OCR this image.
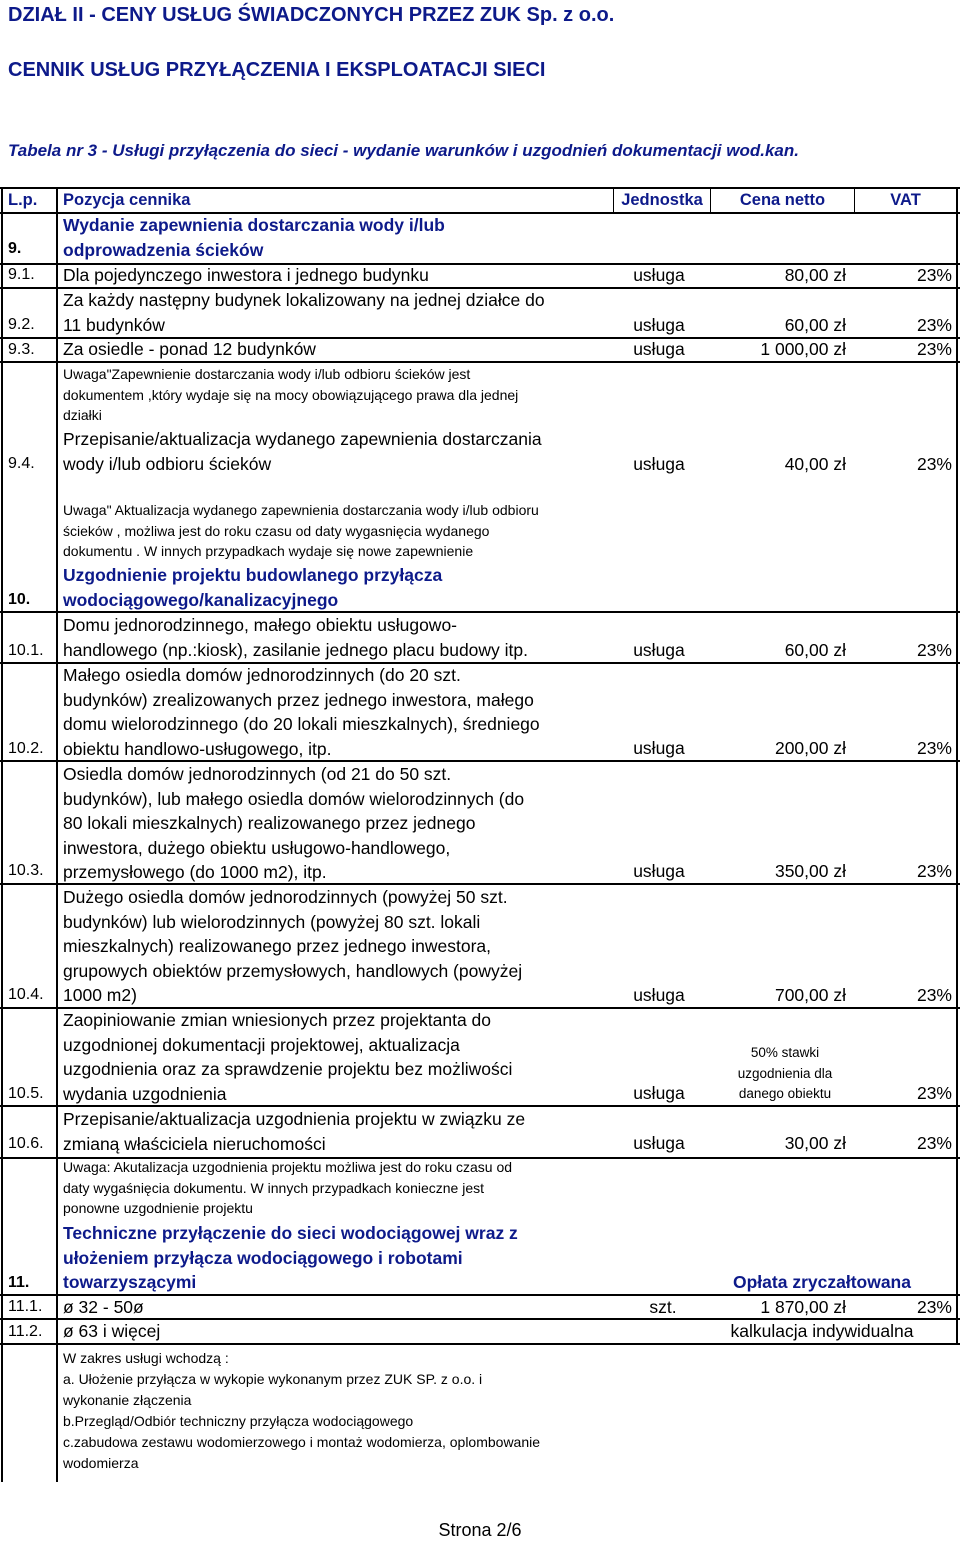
DZIAŁ II - CENY USŁUG ŚWIADCZONYCH PRZEZ ZUK Sp. z o.o.
CENNIK USŁUG PRZYŁĄCZENIA I EKSPLOATACJI SIECI
Tabela nr 3 - Usługi przyłączenia do sieci - wydanie warunków i uzgodnień dokumentacji wod.kan.
L.p. Pozycja cennika	Jednostka	Cena netto	VAT
9.
Wydanie zapewnienia dostarczania wody i/lub
odprowadzenia ścieków
9.1. Dla pojedynczego inwestora i jednego budynku	usługa	80,00 zł	23%
9.2.
Za każdy następny budynek lokalizowany na jednej działce do
11 budynków	usługa	60,00 zł	23%
9.3. Za osiedle - ponad 12 budynków	usługa	1 000,00 zł	23%
Uwaga"Zapewnienie dostarczania wody i/lub odbioru ścieków jest
dokumentem ,który wydaje się na mocy obowiązującego prawa dla jednej
działki
9.4.
Przepisanie/aktualizacja wydanego zapewnienia dostarczania
wody i/lub odbioru ścieków	usługa	40,00 zł	23%
Uwaga" Aktualizacja wydanego zapewnienia dostarczania wody i/lub odbioru
ścieków , możliwa jest do roku czasu od daty wygasnięcia wydanego
dokumentu . W innych przypadkach wydaje się nowe zapewnienie
10.
Uzgodnienie projektu budowlanego przyłącza
wodociągowego/kanalizacyjnego
10.1.
Domu jednorodzinnego, małego obiektu usługowo-
handlowego (np.:kiosk), zasilanie jednego placu budowy itp.	usługa	60,00 zł	23%
10.2.
Małego osiedla domów jednorodzinnych (do 20 szt.
budynków) zrealizowanych przez jednego inwestora, małego
domu wielorodzinnego (do 20 lokali mieszkalnych), średniego
obiektu handlowo-usługowego, itp.	usługa	200,00 zł	23%
10.3.
Osiedla domów jednorodzinnych (od 21 do 50 szt.
budynków), lub małego osiedla domów wielorodzinnych (do
80 lokali mieszkalnych) realizowanego przez jednego
inwestora, dużego obiektu usługowo-handlowego,
przemysłowego (do 1000 m2), itp.	usługa	350,00 zł	23%
10.4.
Dużego osiedla domów jednorodzinnych (powyżej 50 szt.
budynków) lub wielorodzinnych (powyżej 80 szt. lokali
mieszkalnych) realizowanego przez jednego inwestora,
grupowych obiektów przemysłowych, handlowych (powyżej
1000 m2)	usługa	700,00 zł	23%
10.5.
Zaopiniowanie zmian wniesionych przez projektanta do
uzgodnionej dokumentacji projektowej, aktualizacja
uzgodnienia oraz za sprawdzenie projektu bez możliwości
wydania uzgodnienia	usługa
50% stawki
uzgodnienia dla
danego obiektu	23%
10.6.
Przepisanie/aktualizacja uzgodnienia projektu w związku ze
zmianą właściciela nieruchomości	usługa	30,00 zł	23%
Uwaga: Akutalizacja uzgodnienia projektu możliwa jest do roku czasu od
daty wygaśnięcia dokumentu. W innych przypadkach konieczne jest
ponowne uzgodnienie projektu
11.
Techniczne przyłączenie do sieci wodociągowej wraz z
ułożeniem przyłącza wodociągowego i robotami
towarzyszącymi	Opłata zryczałtowana
11.1. ø 32 - 50ø	szt.	1 870,00 zł	23%
11.2. ø 63 i więcej	kalkulacja indywidualna
W zakres usługi wchodzą :
a. Ułożenie przyłącza w wykopie wykonanym przez ZUK SP. z o.o. i
wykonanie złączenia
b.Przegląd/Odbiór techniczny przyłącza wodociągowego
c.zabudowa zestawu wodomierzowego i montaż wodomierza, oplombowanie
wodomierza
Strona 2/6
